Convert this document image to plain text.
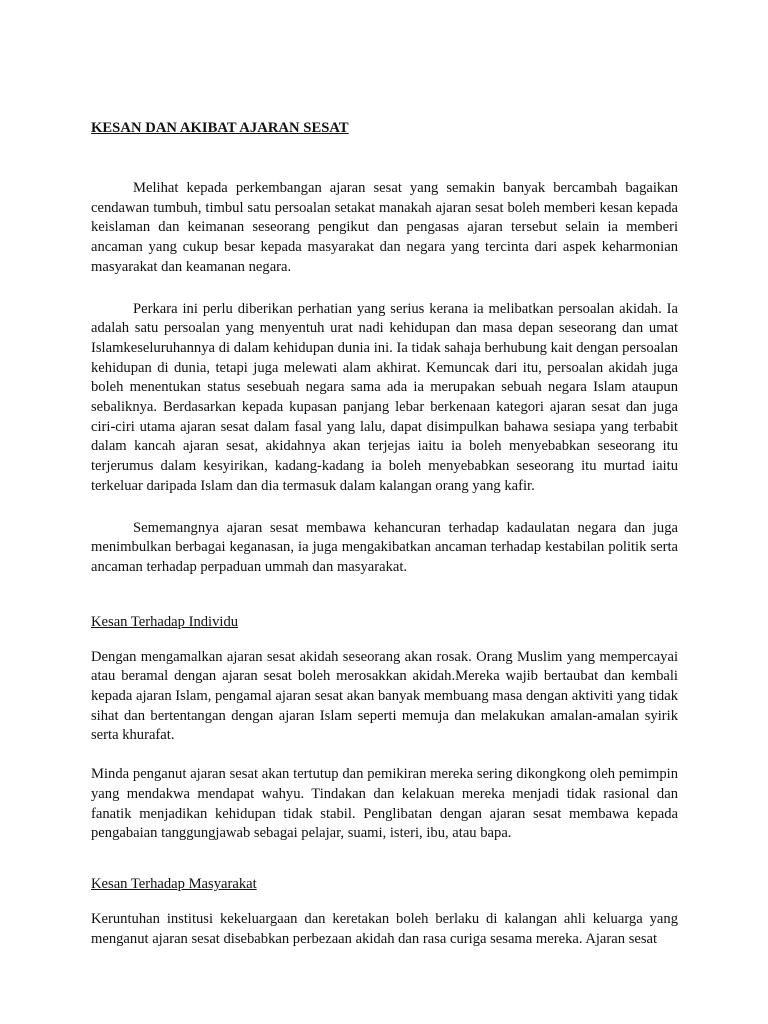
KESAN DAN AKIBAT AJARAN SESAT

Melihat kepada perkembangan ajaran sesat yang semakin banyak bercambah bagaikan cendawan tumbuh, timbul satu persoalan setakat manakah ajaran sesat boleh memberi kesan kepada keislaman dan keimanan seseorang pengikut dan pengasas ajaran tersebut selain ia memberi ancaman yang cukup besar kepada masyarakat dan negara yang tercinta dari aspek keharmonian masyarakat dan keamanan negara.

Perkara ini perlu diberikan perhatian yang serius kerana ia melibatkan persoalan akidah. Ia adalah satu persoalan yang menyentuh urat nadi kehidupan dan masa depan seseorang dan umat Islamkeseluruhannya di dalam kehidupan dunia ini. Ia tidak sahaja berhubung kait dengan persoalan kehidupan di dunia, tetapi juga melewati alam akhirat. Kemuncak dari itu, persoalan akidah juga boleh menentukan status sesebuah negara sama ada ia merupakan sebuah negara Islam ataupun sebaliknya. Berdasarkan kepada kupasan panjang lebar berkenaan kategori ajaran sesat dan juga ciri-ciri utama ajaran sesat dalam fasal yang lalu, dapat disimpulkan bahawa sesiapa yang terbabit dalam kancah ajaran sesat, akidahnya akan terjejas iaitu ia boleh menyebabkan seseorang itu terjerumus dalam kesyirikan, kadang-kadang ia boleh menyebabkan seseorang itu murtad iaitu terkeluar daripada Islam dan dia termasuk dalam kalangan orang yang kafir.

Sememangnya ajaran sesat membawa kehancuran terhadap kadaulatan negara dan juga menimbulkan berbagai keganasan, ia juga mengakibatkan ancaman terhadap kestabilan politik serta ancaman terhadap perpaduan ummah dan masyarakat.

Kesan Terhadap Individu

Dengan mengamalkan ajaran sesat akidah seseorang akan rosak. Orang Muslim yang mempercayai atau beramal dengan ajaran sesat boleh merosakkan akidah.Mereka wajib bertaubat dan kembali kepada ajaran Islam, pengamal ajaran sesat akan banyak membuang masa dengan aktiviti yang tidak sihat dan bertentangan dengan ajaran Islam seperti memuja dan melakukan amalan-amalan syirik serta khurafat.

Minda penganut ajaran sesat akan tertutup dan pemikiran mereka sering dikongkong oleh pemimpin yang mendakwa mendapat wahyu. Tindakan dan kelakuan mereka menjadi tidak rasional dan fanatik menjadikan kehidupan tidak stabil. Penglibatan dengan ajaran sesat membawa kepada pengabaian tanggungjawab sebagai pelajar, suami, isteri, ibu, atau bapa.

Kesan Terhadap Masyarakat

Keruntuhan institusi kekeluargaan dan keretakan boleh berlaku di kalangan ahli keluarga yang menganut ajaran sesat disebabkan perbezaan akidah dan rasa curiga sesama mereka. Ajaran sesat
